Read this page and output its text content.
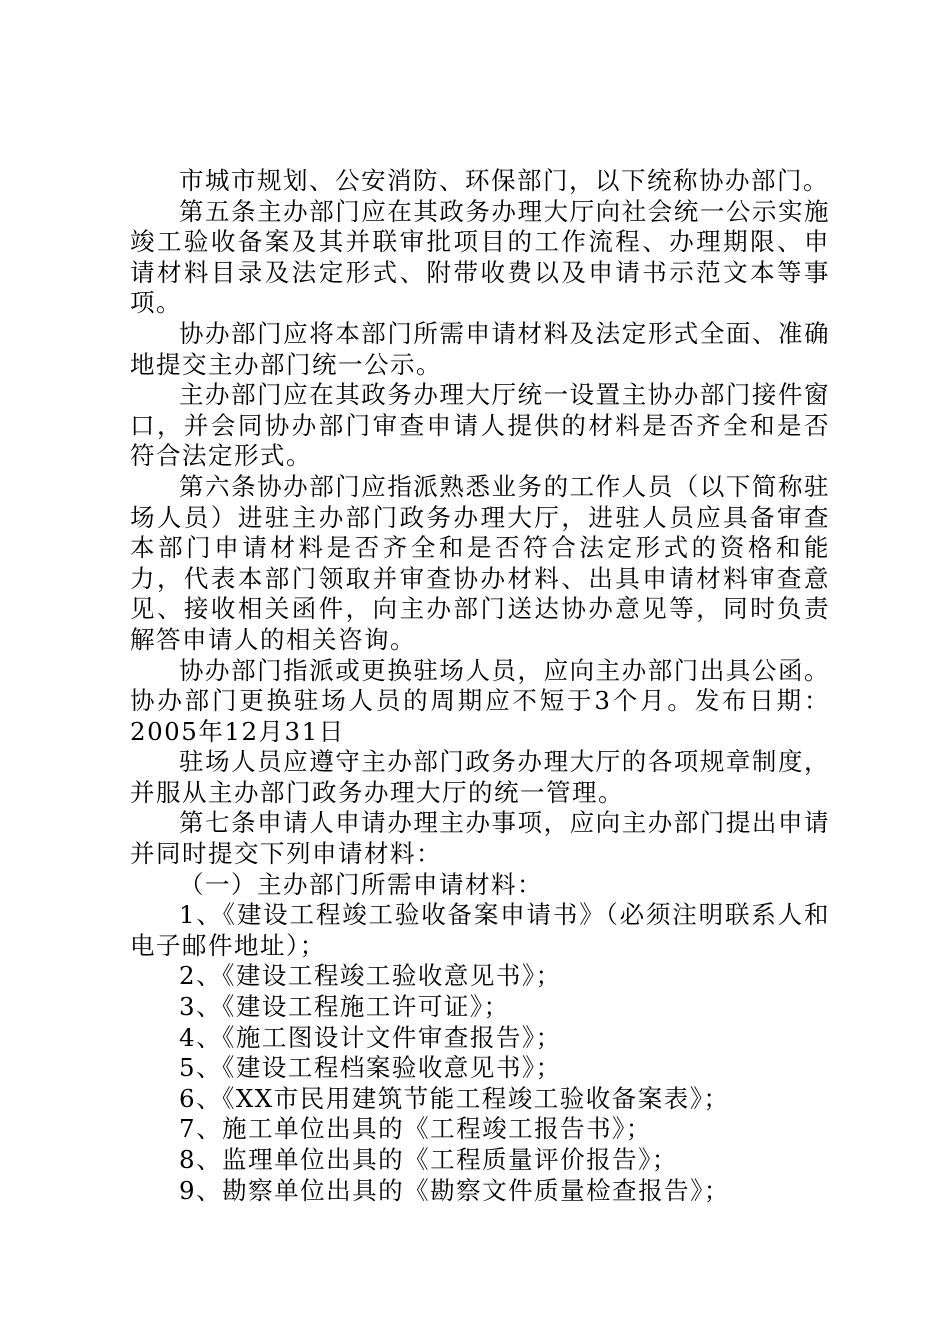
市城市规划、公安消防、环保部门，以下统称协办部门。

第五条主办部门应在其政务办理大厅向社会统一公示实施竣工验收备案及其并联审批项目的工作流程、办理期限、申请材料目录及法定形式、附带收费以及申请书示范文本等事项。

协办部门应将本部门所需申请材料及法定形式全面、准确地提交主办部门统一公示。

主办部门应在其政务办理大厅统一设置主协办部门接件窗口，并会同协办部门审查申请人提供的材料是否齐全和是否符合法定形式。

第六条协办部门应指派熟悉业务的工作人员（以下简称驻场人员）进驻主办部门政务办理大厅，进驻人员应具备审查本部门申请材料是否齐全和是否符合法定形式的资格和能力，代表本部门领取并审查协办材料、出具申请材料审查意见、接收相关函件，向主办部门送达协办意见等，同时负责解答申请人的相关咨询。

协办部门指派或更换驻场人员，应向主办部门出具公函。协办部门更换驻场人员的周期应不短于3个月。发布日期：2005年12月31日

驻场人员应遵守主办部门政务办理大厅的各项规章制度，并服从主办部门政务办理大厅的统一管理。

第七条申请人申请办理主办事项，应向主办部门提出申请并同时提交下列申请材料：

（一）主办部门所需申请材料：

1、《建设工程竣工验收备案申请书》（必须注明联系人和电子邮件地址）；

2、《建设工程竣工验收意见书》；

3、《建设工程施工许可证》；

4、《施工图设计文件审查报告》；

5、《建设工程档案验收意见书》；

6、《XX市民用建筑节能工程竣工验收备案表》；

7、施工单位出具的《工程竣工报告书》；

8、监理单位出具的《工程质量评价报告》；

9、勘察单位出具的《勘察文件质量检查报告》；
